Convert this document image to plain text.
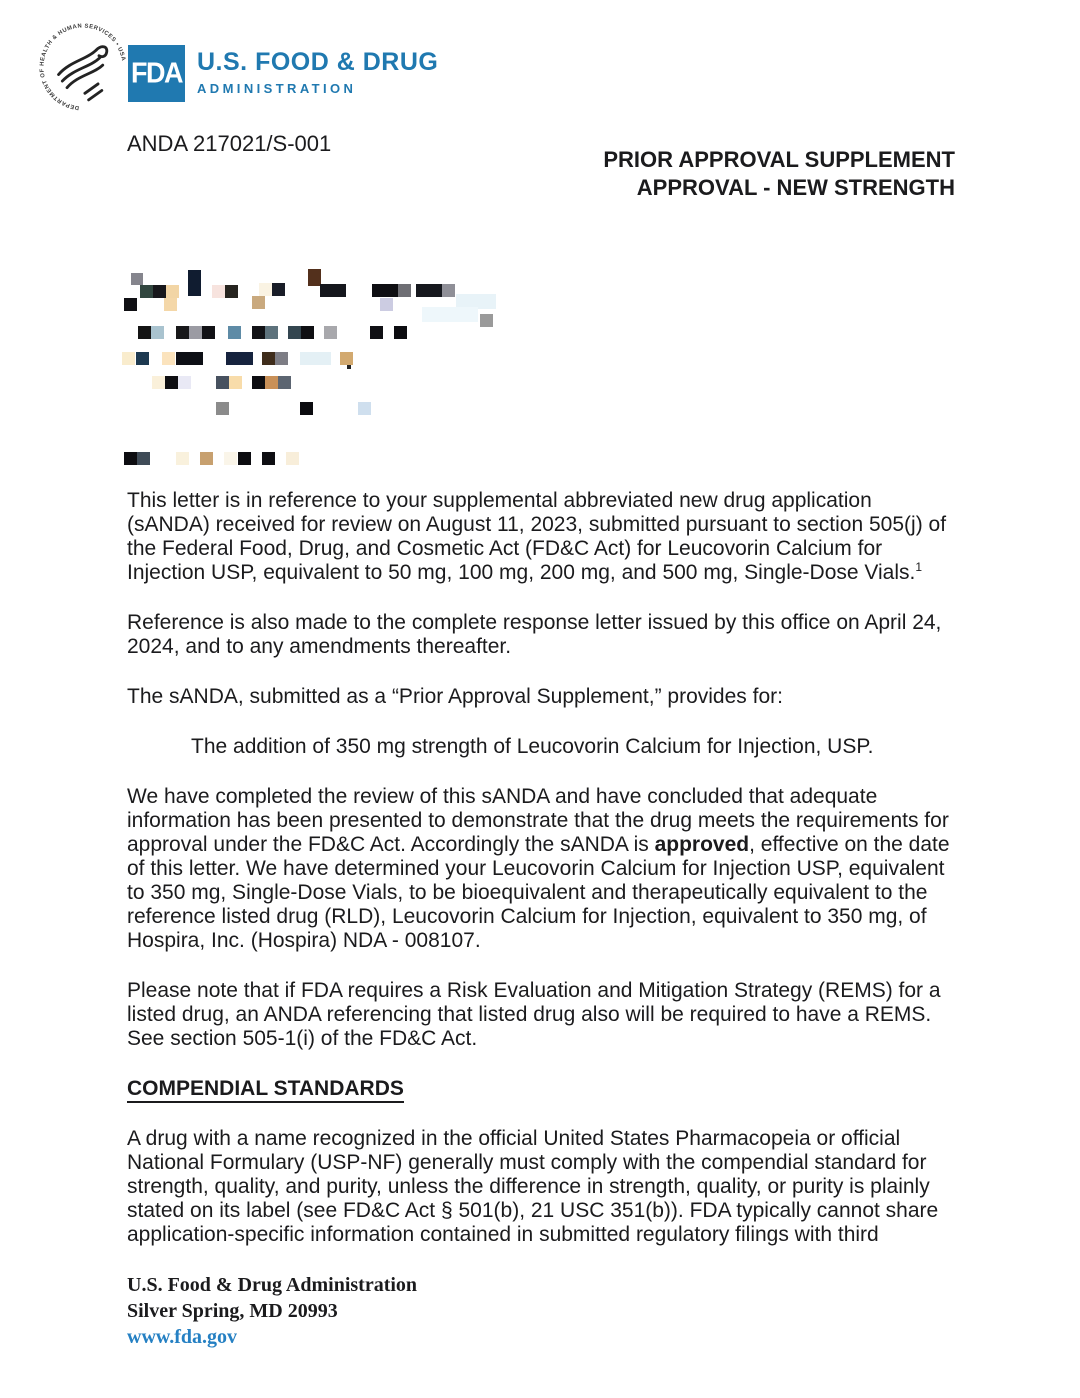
DEPARTMENT OF HEALTH & HUMAN SERVICES • USA FDA U.S. FOOD & DRUG
ADMINISTRATION
ANDA 217021/S-001
PRIOR APPROVAL SUPPLEMENT
APPROVAL - NEW STRENGTH

This letter is in reference to your supplemental abbreviated new drug application (sANDA) received for review on August 11, 2023, submitted pursuant to section 505(j) of the Federal Food, Drug, and Cosmetic Act (FD&C Act) for Leucovorin Calcium for Injection USP, equivalent to 50 mg, 100 mg, 200 mg, and 500 mg, Single-Dose Vials.$^1$

Reference is also made to the complete response letter issued by this office on April 24, 2024, and to any amendments thereafter.

The sANDA, submitted as a “Prior Approval Supplement,” provides for:

The addition of 350 mg strength of Leucovorin Calcium for Injection, USP.

We have completed the review of this sANDA and have concluded that adequate information has been presented to demonstrate that the drug meets the requirements for approval under the FD&C Act. Accordingly the sANDA is approved, effective on the date of this letter. We have determined your Leucovorin Calcium for Injection USP, equivalent to 350 mg, Single-Dose Vials, to be bioequivalent and therapeutically equivalent to the reference listed drug (RLD), Leucovorin Calcium for Injection, equivalent to 350 mg, of Hospira, Inc. (Hospira) NDA - 008107.

Please note that if FDA requires a Risk Evaluation and Mitigation Strategy (REMS) for a listed drug, an ANDA referencing that listed drug also will be required to have a REMS. See section 505-1(i) of the FD&C Act.

COMPENDIAL STANDARDS

A drug with a name recognized in the official United States Pharmacopeia or official National Formulary (USP-NF) generally must comply with the compendial standard for strength, quality, and purity, unless the difference in strength, quality, or purity is plainly stated on its label (see FD&C Act § 501(b), 21 USC 351(b)). FDA typically cannot share application-specific information contained in submitted regulatory filings with third

U.S. Food & Drug Administration
Silver Spring, MD 20993
www.fda.gov
